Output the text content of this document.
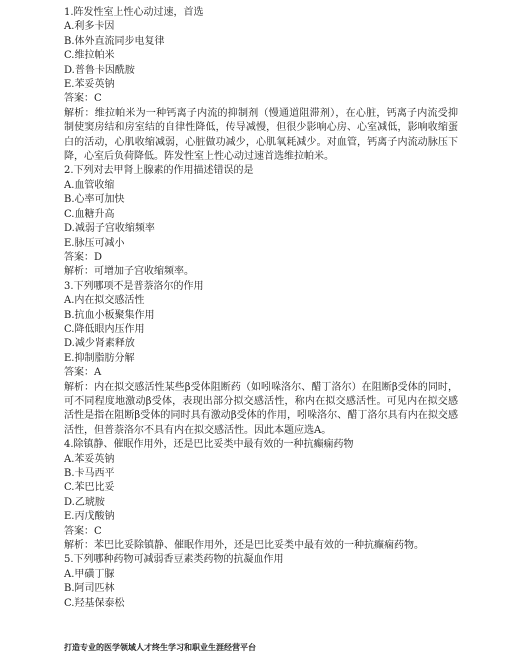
1.阵发性室上性心动过速，首选
A.利多卡因
B.体外直流同步电复律
C.维拉帕米
D.普鲁卡因酰胺
E.苯妥英钠
答案：C
解析：维拉帕米为一种钙离子内流的抑制剂（慢通道阻滞剂），在心脏，钙离子内流受抑制使窦房结和房室结的自律性降低，传导减慢，但很少影响心房、心室减低，影响收缩蛋白的活动，心肌收缩减弱，心脏做功减少，心肌氧耗减少。对血管，钙离子内流动脉压下降，心室后负荷降低。阵发性室上性心动过速首选维拉帕米。
2.下列对去甲肾上腺素的作用描述错误的是
A.血管收缩
B.心率可加快
C.血糖升高
D.减弱子宫收缩频率
E.脉压可减小
答案：D
解析：可增加子宫收缩频率。
3.下列哪项不是普萘洛尔的作用
A.内在拟交感活性
B.抗血小板聚集作用
C.降低眼内压作用
D.减少肾素释放
E.抑制脂肪分解
答案：A
解析：内在拟交感活性某些β受体阻断药（如吲哚洛尔、醋丁洛尔）在阻断β受体的同时，可不同程度地激动β受体，表现出部分拟交感活性，称内在拟交感活性。可见内在拟交感活性是指在阻断β受体的同时具有激动β受体的作用，吲哚洛尔、醋丁洛尔具有内在拟交感活性，但普萘洛尔不具有内在拟交感活性。因此本题应选A。
4.除镇静、催眠作用外，还是巴比妥类中最有效的一种抗癫痫药物
A.苯妥英钠
B.卡马西平
C.苯巴比妥
D.乙琥胺
E.丙戊酸钠
答案：C
解析：苯巴比妥除镇静、催眠作用外，还是巴比妥类中最有效的一种抗癫痫药物。
5.下列哪种药物可减弱香豆素类药物的抗凝血作用
A.甲磺丁脲
B.阿司匹林
C.羟基保泰松
打造专业的医学领域人才终生学习和职业生涯经营平台
